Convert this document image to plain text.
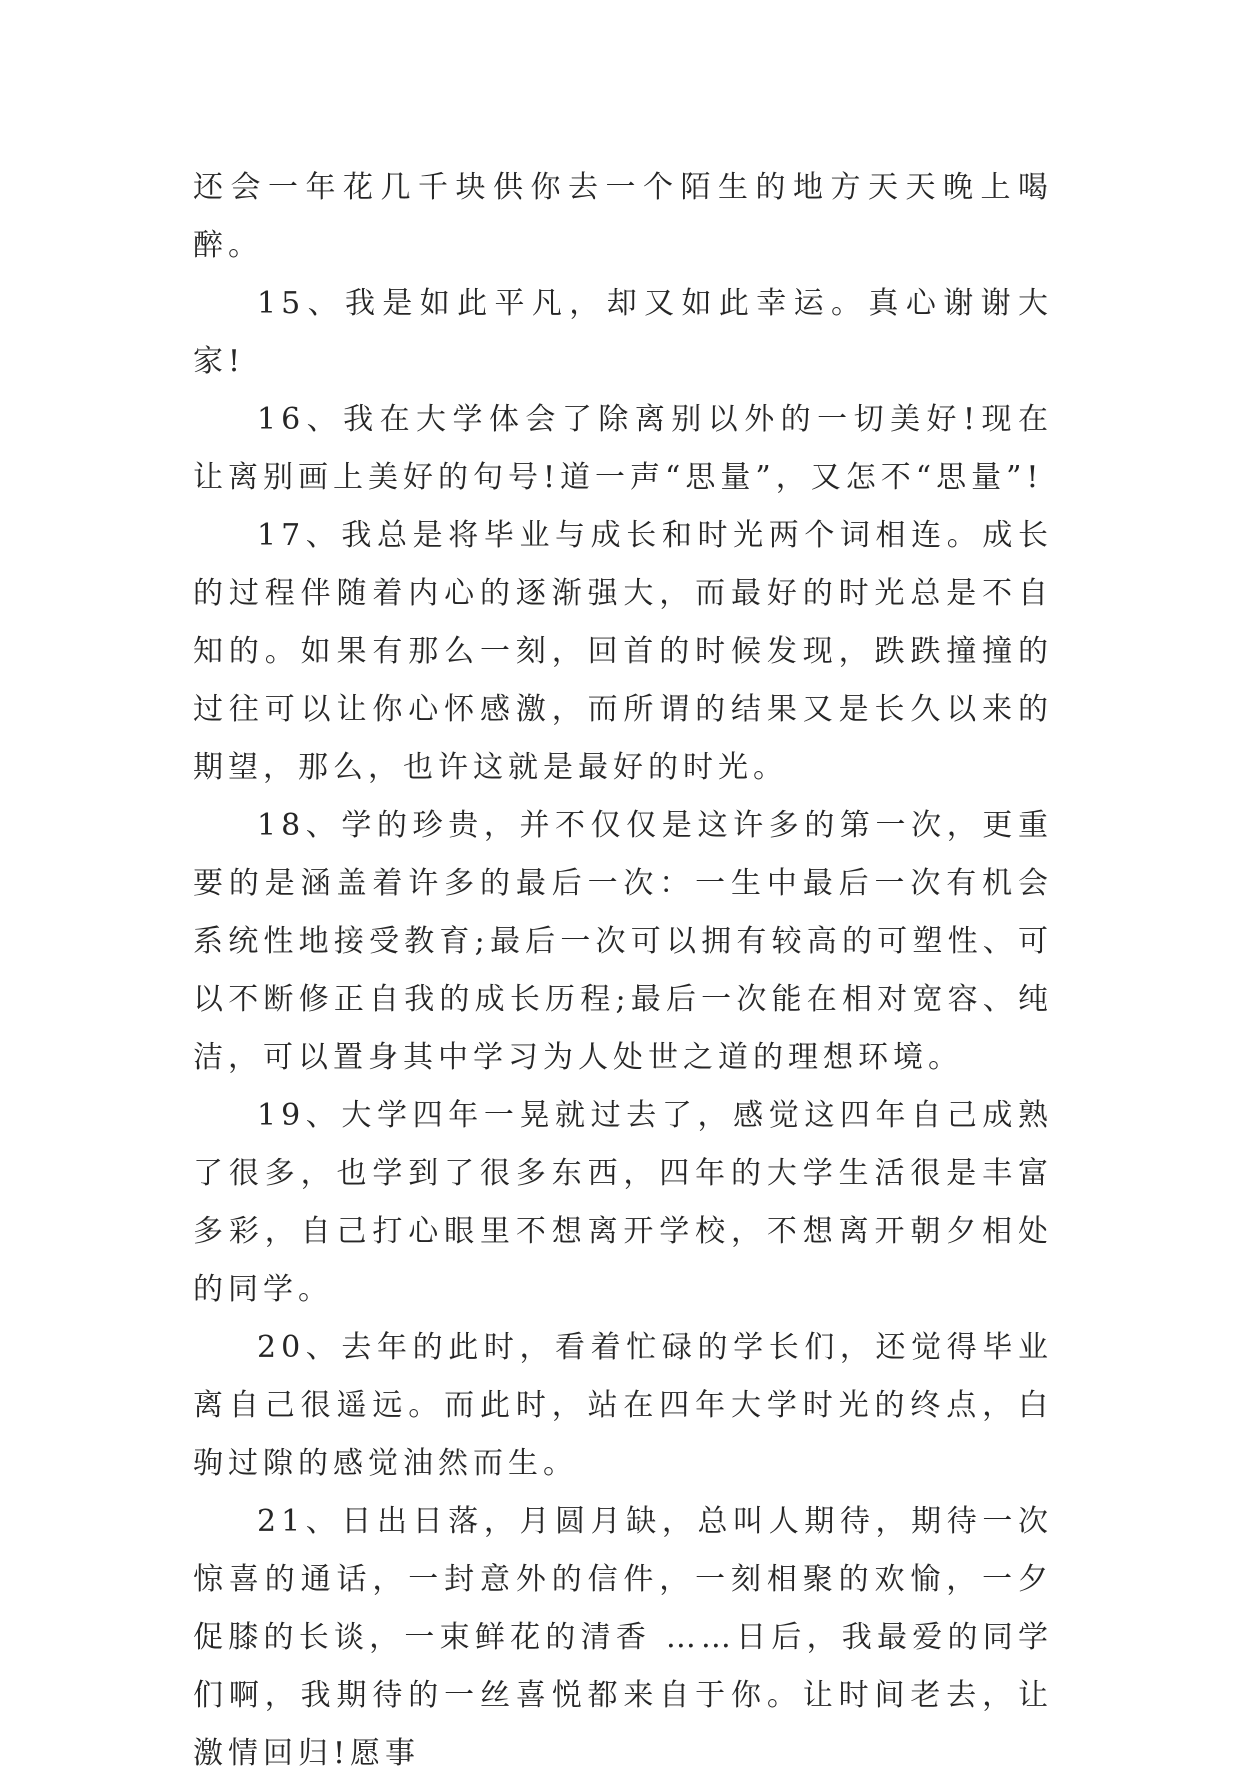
还会一年花几千块供你去一个陌生的地方天天晚上喝醉。

15、我是如此平凡，却又如此幸运。真心谢谢大家!

16、我在大学体会了除离别以外的一切美好!现在让离别画上美好的句号!道一声“思量”，又怎不“思量”!

17、我总是将毕业与成长和时光两个词相连。成长的过程伴随着内心的逐渐强大，而最好的时光总是不自知的。如果有那么一刻，回首的时候发现，跌跌撞撞的过往可以让你心怀感激，而所谓的结果又是长久以来的期望，那么，也许这就是最好的时光。

18、学的珍贵，并不仅仅是这许多的第一次，更重要的是涵盖着许多的最后一次：一生中最后一次有机会系统性地接受教育;最后一次可以拥有较高的可塑性、可以不断修正自我的成长历程;最后一次能在相对宽容、纯洁，可以置身其中学习为人处世之道的理想环境。

19、大学四年一晃就过去了，感觉这四年自己成熟了很多，也学到了很多东西，四年的大学生活很是丰富多彩，自己打心眼里不想离开学校，不想离开朝夕相处的同学。

20、去年的此时，看着忙碌的学长们，还觉得毕业离自己很遥远。而此时，站在四年大学时光的终点，白驹过隙的感觉油然而生。

21、日出日落，月圆月缺，总叫人期待，期待一次惊喜的通话，一封意外的信件，一刻相聚的欢愉，一夕促膝的长谈，一束鲜花的清香 ……日后，我最爱的同学们啊，我期待的一丝喜悦都来自于你。让时间老去，让激情回归!愿事
